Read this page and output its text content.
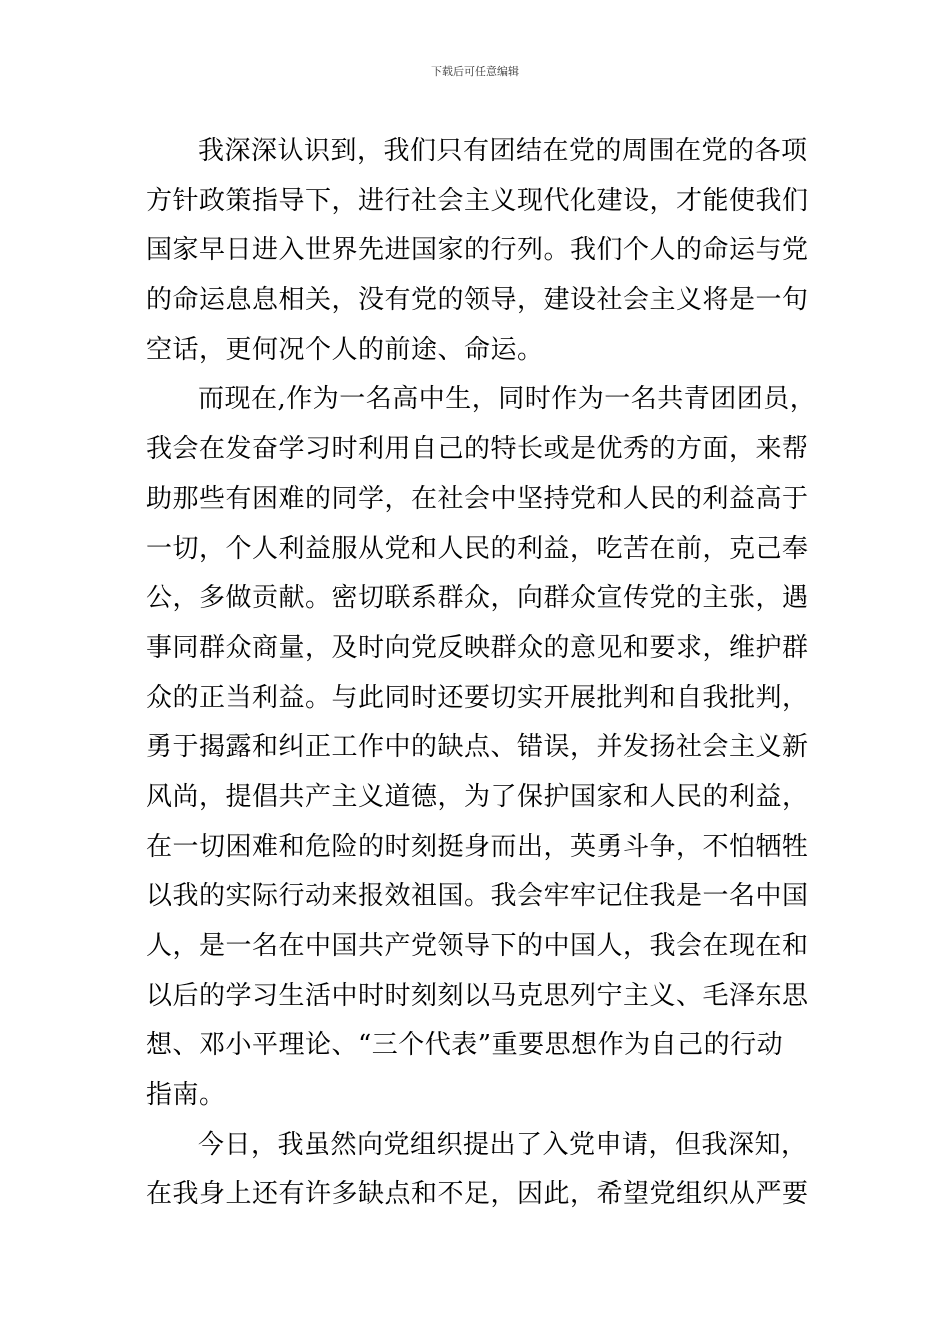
下载后可任意编辑
我深深认识到，我们只有团结在党的周围在党的各项
方针政策指导下，进行社会主义现代化建设，才能使我们
国家早日进入世界先进国家的行列。我们个人的命运与党
的命运息息相关，没有党的领导，建设社会主义将是一句
空话，更何况个人的前途、命运。
而现在,作为一名高中生，同时作为一名共青团团员，
我会在发奋学习时利用自己的特长或是优秀的方面，来帮
助那些有困难的同学，在社会中坚持党和人民的利益高于
一切，个人利益服从党和人民的利益，吃苦在前，克己奉
公，多做贡献。密切联系群众，向群众宣传党的主张，遇
事同群众商量，及时向党反映群众的意见和要求，维护群
众的正当利益。与此同时还要切实开展批判和自我批判，
勇于揭露和纠正工作中的缺点、错误，并发扬社会主义新
风尚，提倡共产主义道德，为了保护国家和人民的利益，
在一切困难和危险的时刻挺身而出，英勇斗争，不怕牺牲
以我的实际行动来报效祖国。我会牢牢记住我是一名中国
人，是一名在中国共产党领导下的中国人，我会在现在和
以后的学习生活中时时刻刻以马克思列宁主义、毛泽东思
想、邓小平理论、“三个代表”重要思想作为自己的行动
指南。
今日，我虽然向党组织提出了入党申请，但我深知，
在我身上还有许多缺点和不足，因此，希望党组织从严要
